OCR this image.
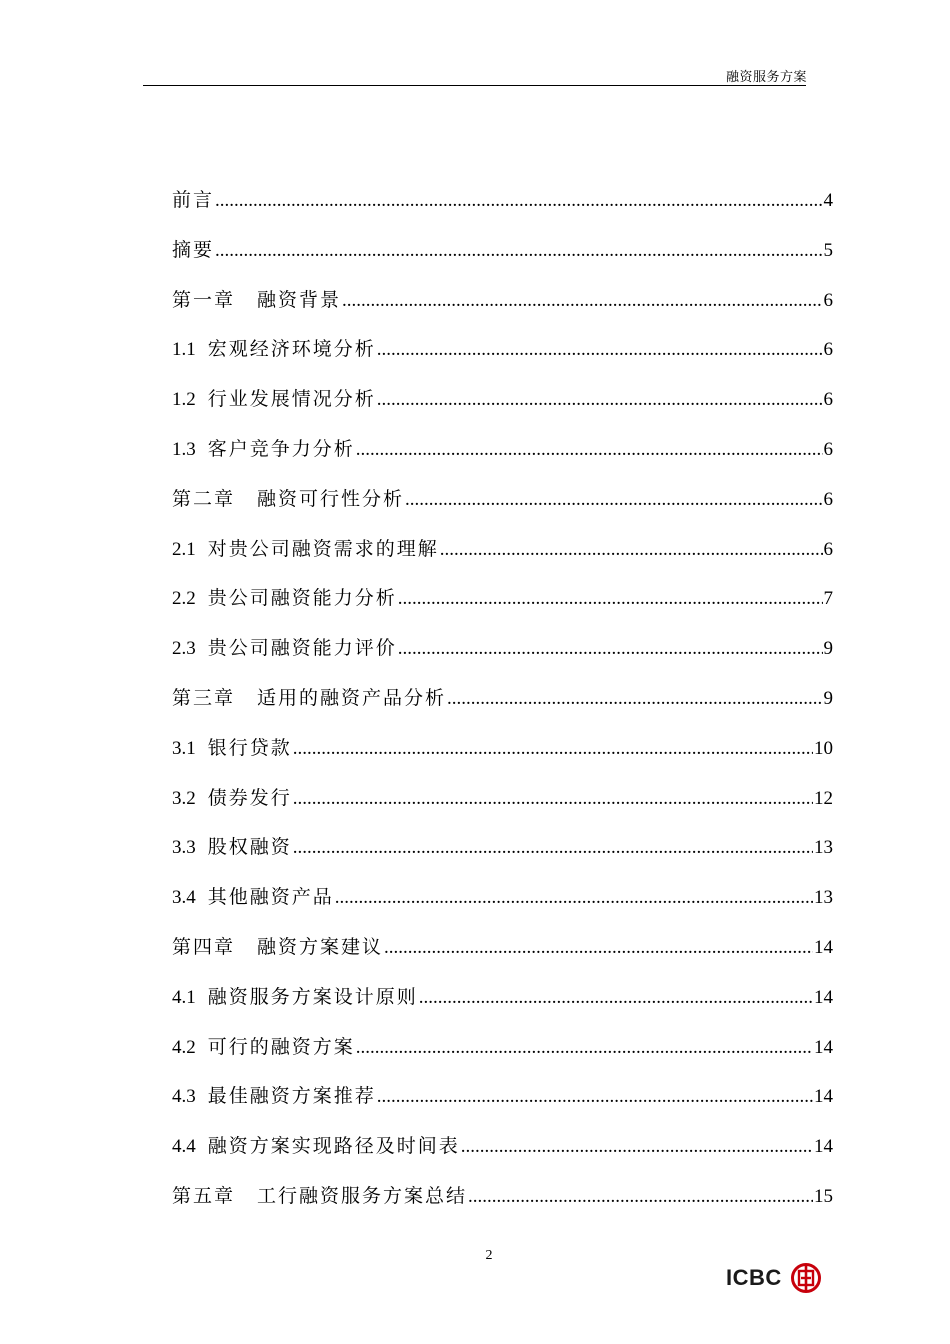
融资服务方案
前言 .....	4
摘要 .....	5
第一章 融资背景 .....	6
1.1 宏观经济环境分析 .....	6
1.2 行业发展情况分析 .....	6
1.3 客户竞争力分析 .....	6
第二章 融资可行性分析 .....	6
2.1 对贵公司融资需求的理解 .....	6
2.2 贵公司融资能力分析 .....	7
2.3 贵公司融资能力评价 .....	9
第三章 适用的融资产品分析 .....	9
3.1 银行贷款 .....	10
3.2 债券发行 .....	12
3.3 股权融资 .....	13
3.4 其他融资产品 .....	13
第四章 融资方案建议 .....	14
4.1 融资服务方案设计原则 .....	14
4.2 可行的融资方案 .....	14
4.3 最佳融资方案推荐 .....	14
4.4 融资方案实现路径及时间表 .....	14
第五章 工行融资服务方案总结 .....	15
2
ICBC
